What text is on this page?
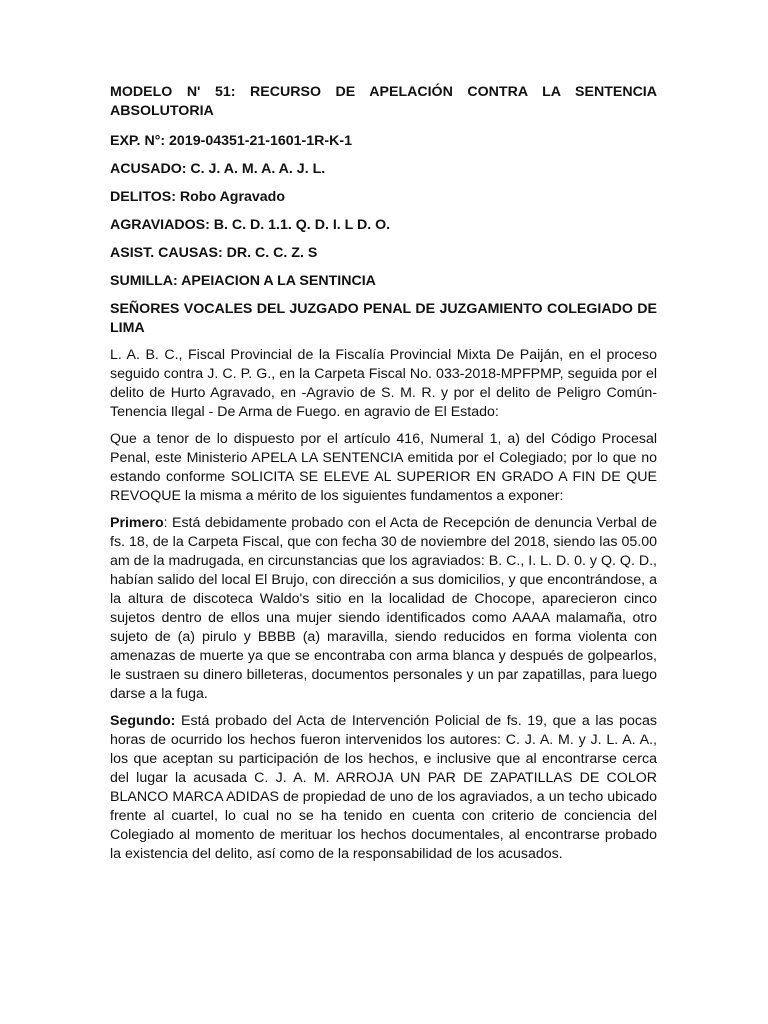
MODELO N' 51: RECURSO DE APELACIÓN CONTRA LA SENTENCIA ABSOLUTORIA

EXP. N°: 2019-04351-21-1601-1R-K-1

ACUSADO: C. J. A. M. A. A. J. L.

DELITOS: Robo Agravado

AGRAVIADOS: B. C. D. 1.1. Q. D. I. L D. O.

ASIST. CAUSAS: DR. C. C. Z. S

SUMILLA: APEIACION A LA SENTINCIA

SEÑORES VOCALES DEL JUZGADO PENAL DE JUZGAMIENTO COLEGIADO DE LIMA

L. A. B. C., Fiscal Provincial de la Fiscalía Provincial Mixta De Paiján, en el proceso seguido contra J. C. P. G., en la Carpeta Fiscal No. 033-2018-MPFPMP, seguida por el delito de Hurto Agravado, en -Agravio de S. M. R. y por el delito de Peligro Común-Tenencia Ilegal - De Arma de Fuego. en agravio de El Estado:

Que a tenor de lo dispuesto por el artículo 416, Numeral 1, a) del Código Procesal Penal, este Ministerio APELA LA SENTENCIA emitida por el Colegiado; por lo que no estando conforme SOLICITA SE ELEVE AL SUPERIOR EN GRADO A FIN DE QUE REVOQUE la misma a mérito de los siguientes fundamentos a exponer:

Primero: Está debidamente probado con el Acta de Recepción de denuncia Verbal de fs. 18, de la Carpeta Fiscal, que con fecha 30 de noviembre del 2018, siendo las 05.00 am de la madrugada, en circunstancias que los agraviados: B. C., I. L. D. 0. y Q. Q. D., habían salido del local El Brujo, con dirección a sus domicilios, y que encontrándose, a la altura de discoteca Waldo's sitio en la localidad de Chocope, aparecieron cinco sujetos dentro de ellos una mujer siendo identificados como AAAA malamaña, otro sujeto de (a) pirulo y BBBB (a) maravilla, siendo reducidos en forma violenta con amenazas de muerte ya que se encontraba con arma blanca y después de golpearlos, le sustraen su dinero billeteras, documentos personales y un par zapatillas, para luego darse a la fuga.

Segundo: Está probado del Acta de Intervención Policial de fs. 19, que a las pocas horas de ocurrido los hechos fueron intervenidos los autores: C. J. A. M. y J. L. A. A., los que aceptan su participación de los hechos, e inclusive que al encontrarse cerca del lugar la acusada C. J. A. M. ARROJA UN PAR DE ZAPATILLAS DE COLOR BLANCO MARCA ADIDAS de propiedad de uno de los agraviados, a un techo ubicado frente al cuartel, lo cual no se ha tenido en cuenta con criterio de conciencia del Colegiado al momento de merituar los hechos documentales, al encontrarse probado la existencia del delito, así como de la responsabilidad de los acusados.
